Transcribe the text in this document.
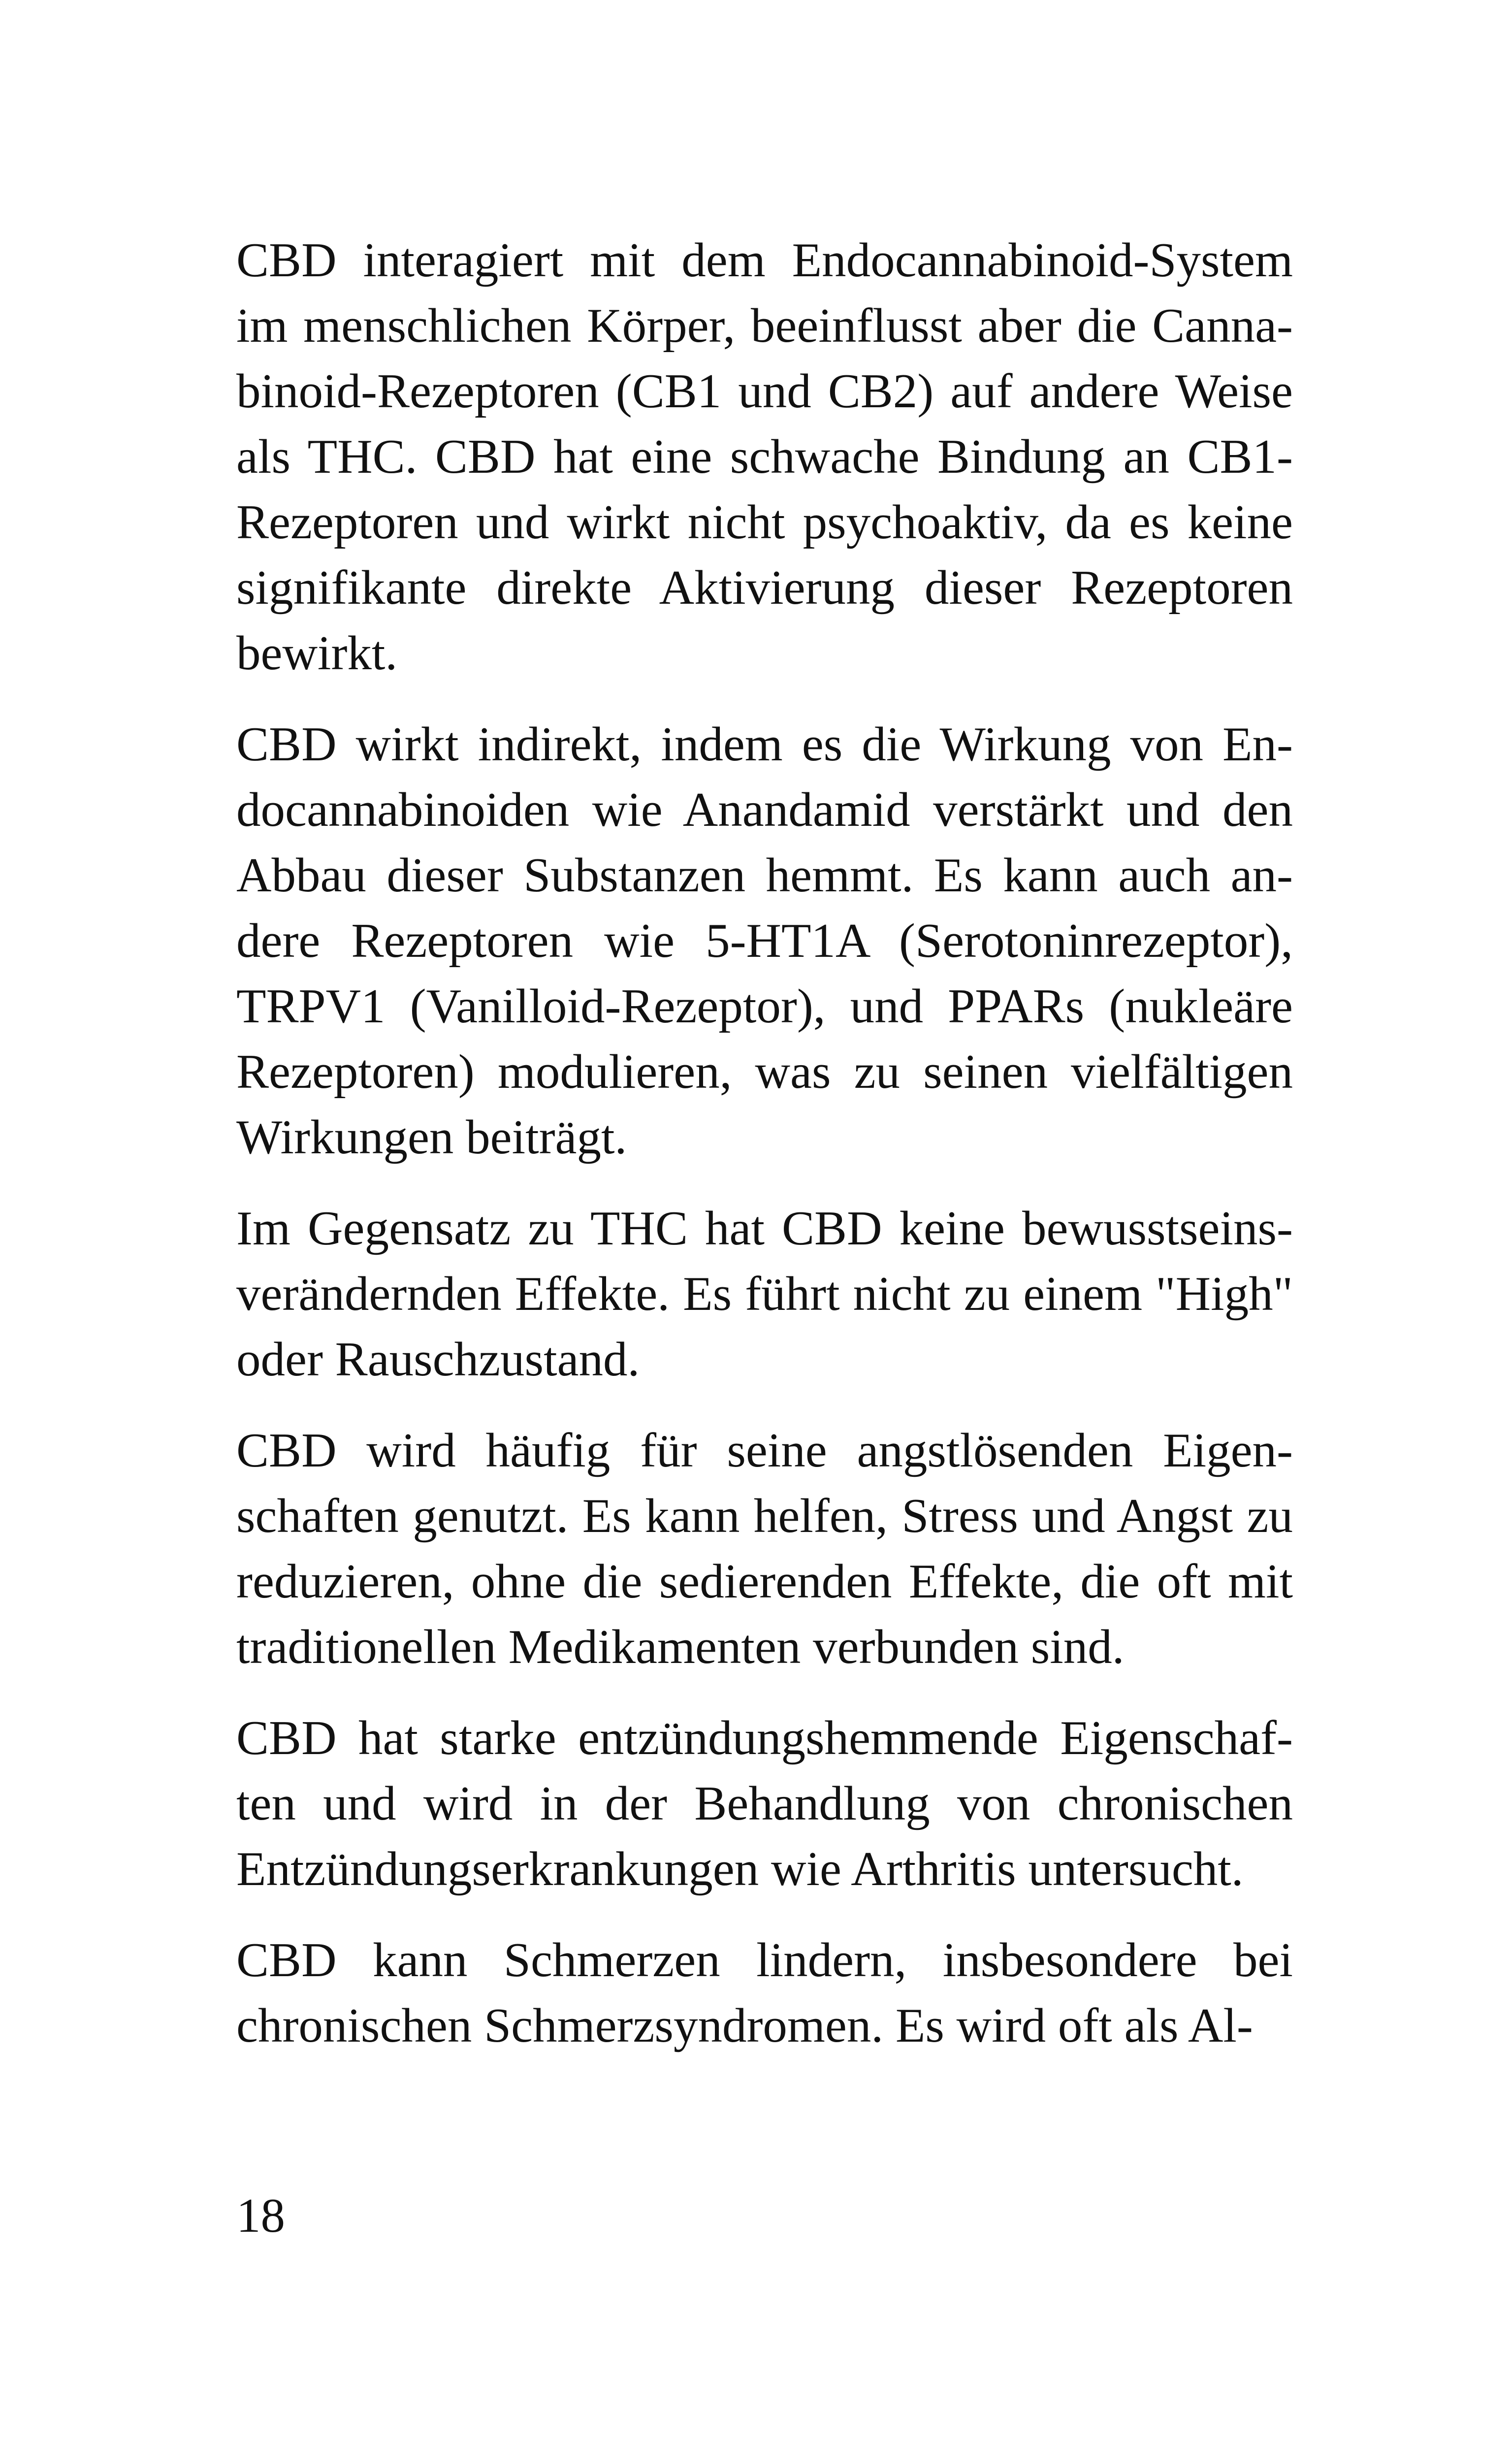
CBD interagiert mit dem Endocannabinoid-System im menschlichen Körper, beeinflusst aber die Cannabinoid-Rezeptoren (CB1 und CB2) auf andere Weise als THC. CBD hat eine schwache Bindung an CB1-Rezeptoren und wirkt nicht psychoaktiv, da es keine signifikante direkte Aktivierung dieser Rezeptoren bewirkt.

CBD wirkt indirekt, indem es die Wirkung von Endocannabinoiden wie Anandamid verstärkt und den Abbau dieser Substanzen hemmt. Es kann auch andere Rezeptoren wie 5-HT1A (Serotoninrezeptor), TRPV1 (Vanilloid-Rezeptor), und PPARs (nukleäre Rezeptoren) modulieren, was zu seinen vielfältigen Wirkungen beiträgt.

Im Gegensatz zu THC hat CBD keine bewusstseinsverändernden Effekte. Es führt nicht zu einem "High" oder Rauschzustand.

CBD wird häufig für seine angstlösenden Eigenschaften genutzt. Es kann helfen, Stress und Angst zu reduzieren, ohne die sedierenden Effekte, die oft mit traditionellen Medikamenten verbunden sind.

CBD hat starke entzündungshemmende Eigenschaften und wird in der Behandlung von chronischen Entzündungserkrankungen wie Arthritis untersucht.

CBD kann Schmerzen lindern, insbesondere bei chronischen Schmerzsyndromen. Es wird oft als Al-

18
